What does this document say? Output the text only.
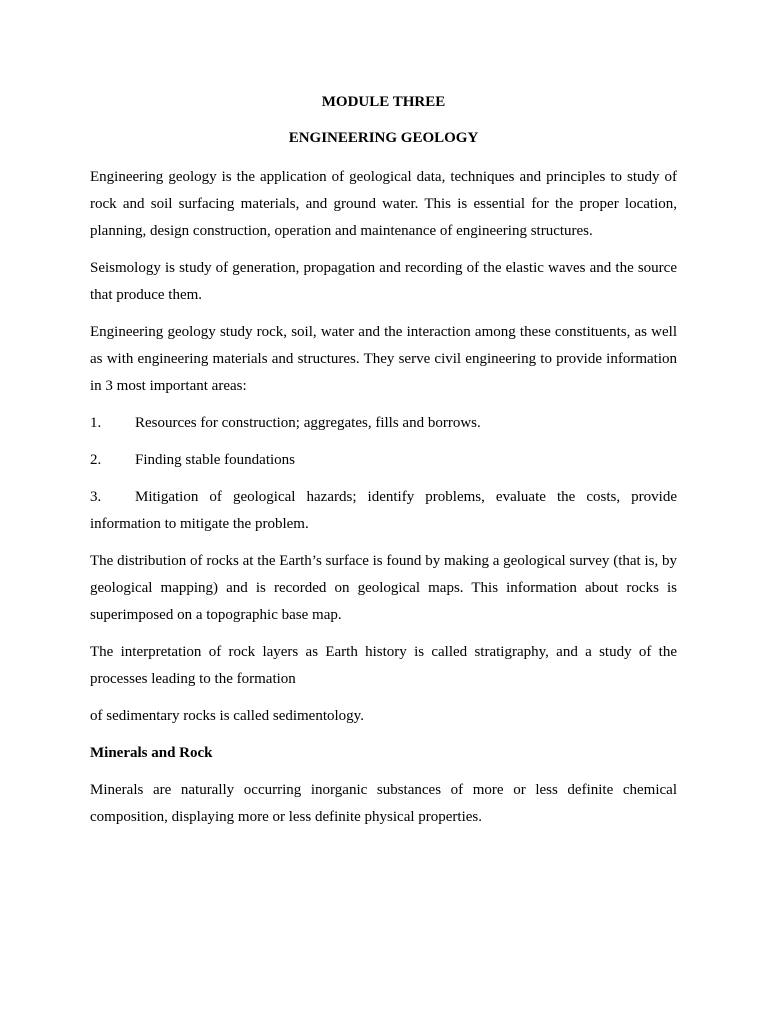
MODULE THREE
ENGINEERING GEOLOGY

Engineering geology is the application of geological data, techniques and principles to study of rock and soil surfacing materials, and ground water. This is essential for the proper location, planning, design construction, operation and maintenance of engineering structures.

Seismology is study of generation, propagation and recording of the elastic waves and the source that produce them.

Engineering geology study rock, soil, water and the interaction among these constituents, as well as with engineering materials and structures. They serve civil engineering to provide information in 3 most important areas:

1. Resources for construction; aggregates, fills and borrows.

2. Finding stable foundations

3. Mitigation of geological hazards; identify problems, evaluate the costs, provide information to mitigate the problem.

The distribution of rocks at the Earth’s surface is found by making a geological survey (that is, by geological mapping) and is recorded on geological maps. This information about rocks is superimposed on a topographic base map.

The interpretation of rock layers as Earth history is called stratigraphy, and a study of the processes leading to the formation

of sedimentary rocks is called sedimentology.

Minerals and Rock

Minerals are naturally occurring inorganic substances of more or less definite chemical composition, displaying more or less definite physical properties.
